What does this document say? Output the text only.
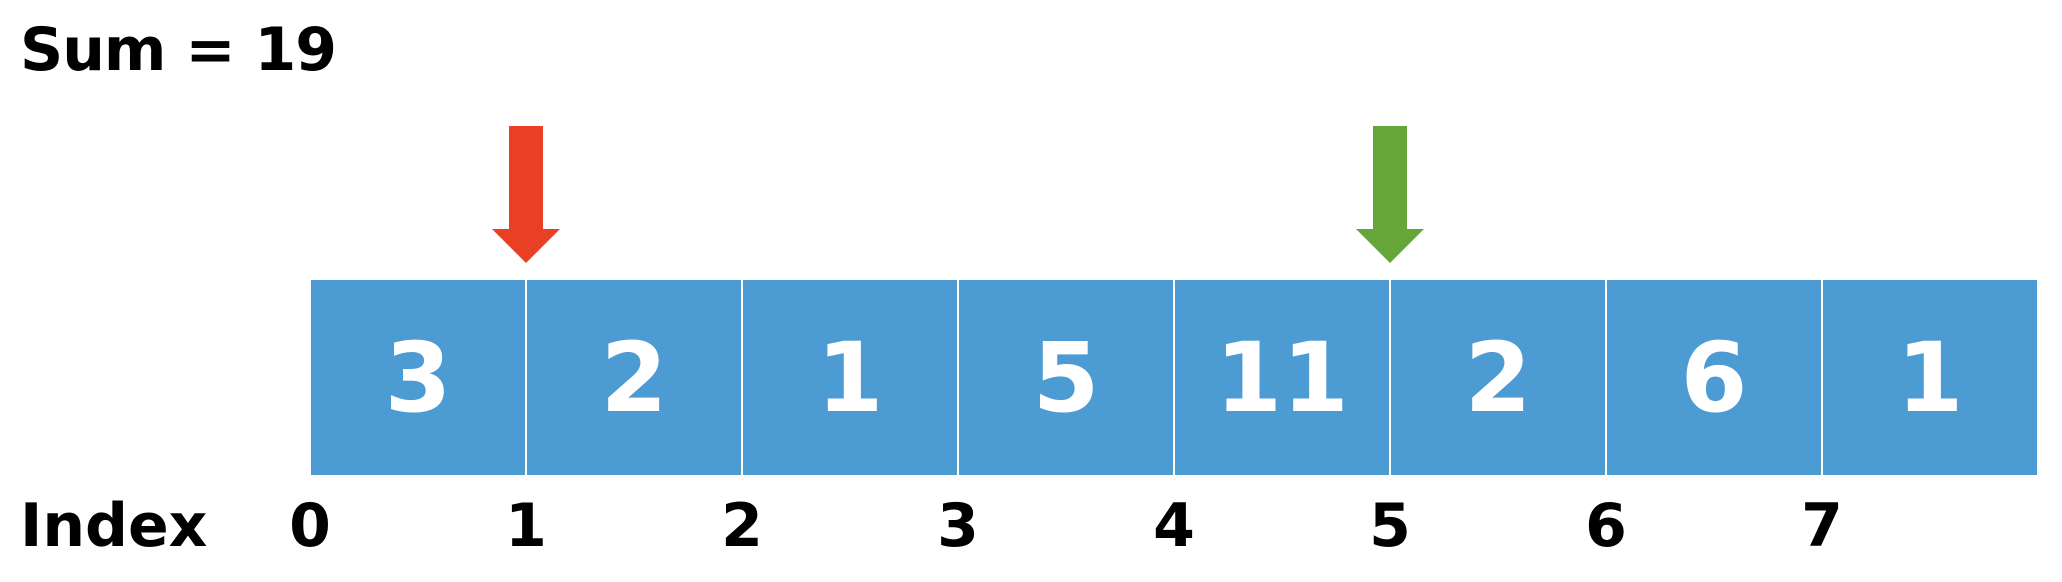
Sum = 19
Index
3	2	1	5	11	2	6	1
0	1	2	3	4	5	6	7
